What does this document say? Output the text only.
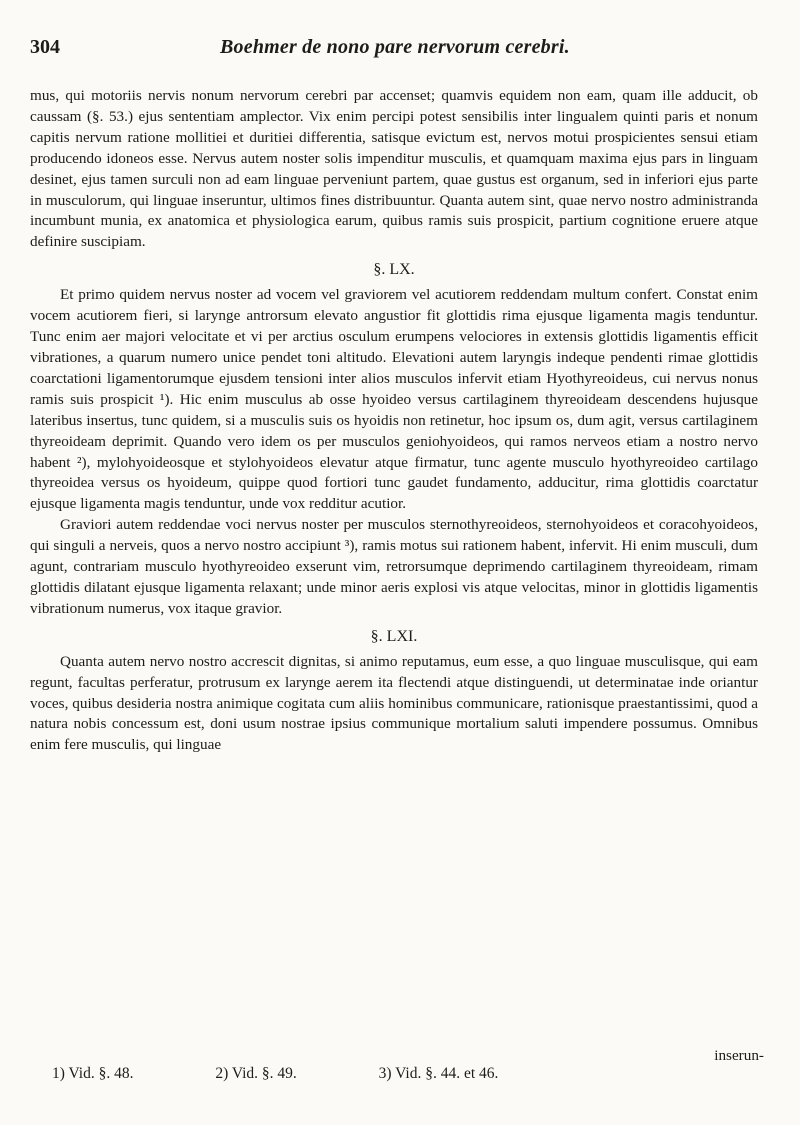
304	Boehmer de nono pare nervorum cerebri.

mus, qui motoriis nervis nonum nervorum cerebri par accenset; quamvis equidem non eam, quam ille adducit, ob caussam (§. 53.) ejus sententiam amplector. Vix enim percipi potest sensibilis inter lingualem quinti paris et nonum capitis nervum ratione mollitiei et duritiei differentia, satisque evictum est, nervos motui prospicientes sensui etiam producendo idoneos esse. Nervus autem noster solis impenditur musculis, et quamquam maxima ejus pars in linguam desinet, ejus tamen surculi non ad eam linguae perveniunt partem, quae gustus est organum, sed in inferiori ejus parte in musculorum, qui linguae inseruntur, ultimos fines distribuuntur. Quanta autem sint, quae nervo nostro administranda incumbunt munia, ex anatomica et physiologica earum, quibus ramis suis prospicit, partium cognitione eruere atque definire suscipiam.

§. LX.

Et primo quidem nervus noster ad vocem vel graviorem vel acutiorem reddendam multum confert. Constat enim vocem acutiorem fieri, si larynge antrorsum elevato angustior fit glottidis rima ejusque ligamenta magis tenduntur. Tunc enim aer majori velocitate et vi per arctius osculum erumpens velociores in extensis glottidis ligamentis efficit vibrationes, a quarum numero unice pendet toni altitudo. Elevationi autem laryngis indeque pendenti rimae glottidis coarctationi ligamentorumque ejusdem tensioni inter alios musculos infervit etiam Hyothyreoideus, cui nervus nonus ramis suis prospicit ¹). Hic enim musculus ab osse hyoideo versus cartilaginem thyreoideam descendens hujusque lateribus insertus, tunc quidem, si a musculis suis os hyoidis non retinetur, hoc ipsum os, dum agit, versus cartilaginem thyreoideam deprimit. Quando vero idem os per musculos geniohyoideos, qui ramos nerveos etiam a nostro nervo habent ²), mylohyoideosque et stylohyoideos elevatur atque firmatur, tunc agente musculo hyothyreoideo cartilago thyreoidea versus os hyoideum, quippe quod fortiori tunc gaudet fundamento, adducitur, rima glottidis coarctatur ejusque ligamenta magis tenduntur, unde vox redditur acutior.

Graviori autem reddendae voci nervus noster per musculos sternothyreoideos, sternohyoideos et coracohyoideos, qui singuli a nerveis, quos a nervo nostro accipiunt ³), ramis motus sui rationem habent, infervit. Hi enim musculi, dum agunt, contrariam musculo hyothyreoideo exserunt vim, retrorsumque deprimendo cartilaginem thyreoideam, rimam glottidis dilatant ejusque ligamenta relaxant; unde minor aeris explosi vis atque velocitas, minor in glottidis ligamentis vibrationum numerus, vox itaque gravior.

§. LXI.

Quanta autem nervo nostro accrescit dignitas, si animo reputamus, eum esse, a quo linguae musculisque, qui eam regunt, facultas perferatur, protrusum ex larynge aerem ita flectendi atque distinguendi, ut determinatae inde oriantur voces, quibus desideria nostra animique cogitata cum aliis hominibus communicare, rationisque praestantissimi, quod a natura nobis concessum est, doni usum nostrae ipsius communique mortalium saluti impendere possumus. Omnibus enim fere musculis, qui linguae

inserun-
1) Vid. §. 48.	2) Vid. §. 49.	3) Vid. §. 44. et 46.
